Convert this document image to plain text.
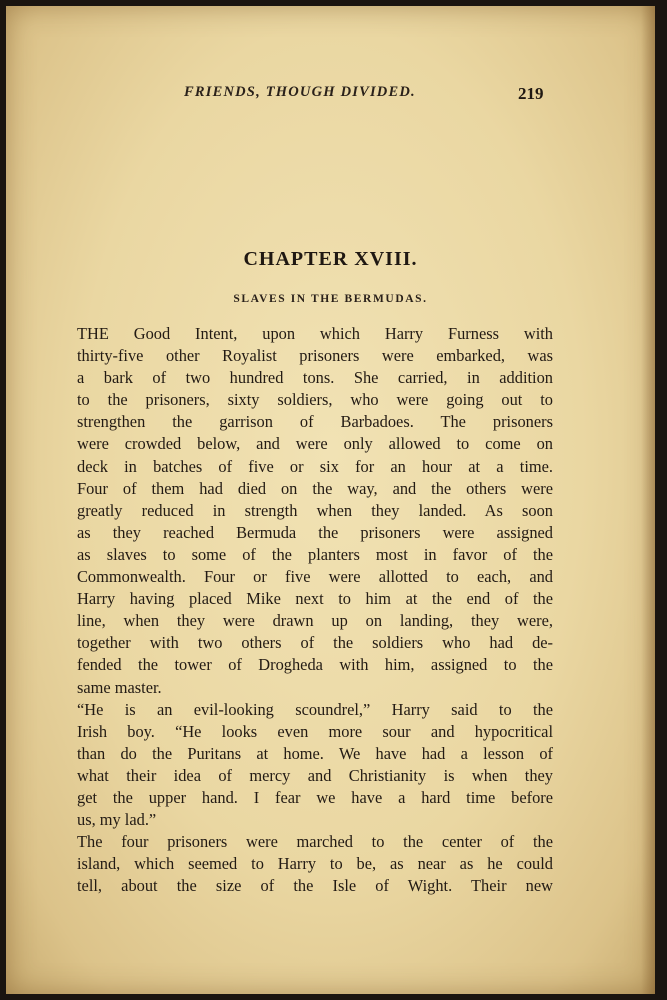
FRIENDS, THOUGH DIVIDED.	219
CHAPTER XVIII.
SLAVES IN THE BERMUDAS.
THE Good Intent, upon which Harry Furness with
thirty-five other Royalist prisoners were embarked, was
a bark of two hundred tons. She carried, in addition
to the prisoners, sixty soldiers, who were going out to
strengthen the garrison of Barbadoes. The prisoners
were crowded below, and were only allowed to come on
deck in batches of five or six for an hour at a time.
Four of them had died on the way, and the others were
greatly reduced in strength when they landed. As soon
as they reached Bermuda the prisoners were assigned
as slaves to some of the planters most in favor of the
Commonwealth. Four or five were allotted to each, and
Harry having placed Mike next to him at the end of the
line, when they were drawn up on landing, they were,
together with two others of the soldiers who had de-
fended the tower of Drogheda with him, assigned to the
same master.
“He is an evil-looking scoundrel,” Harry said to the
Irish boy. “He looks even more sour and hypocritical
than do the Puritans at home. We have had a lesson of
what their idea of mercy and Christianity is when they
get the upper hand. I fear we have a hard time before
us, my lad.”
The four prisoners were marched to the center of the
island, which seemed to Harry to be, as near as he could
tell, about the size of the Isle of Wight. Their new
